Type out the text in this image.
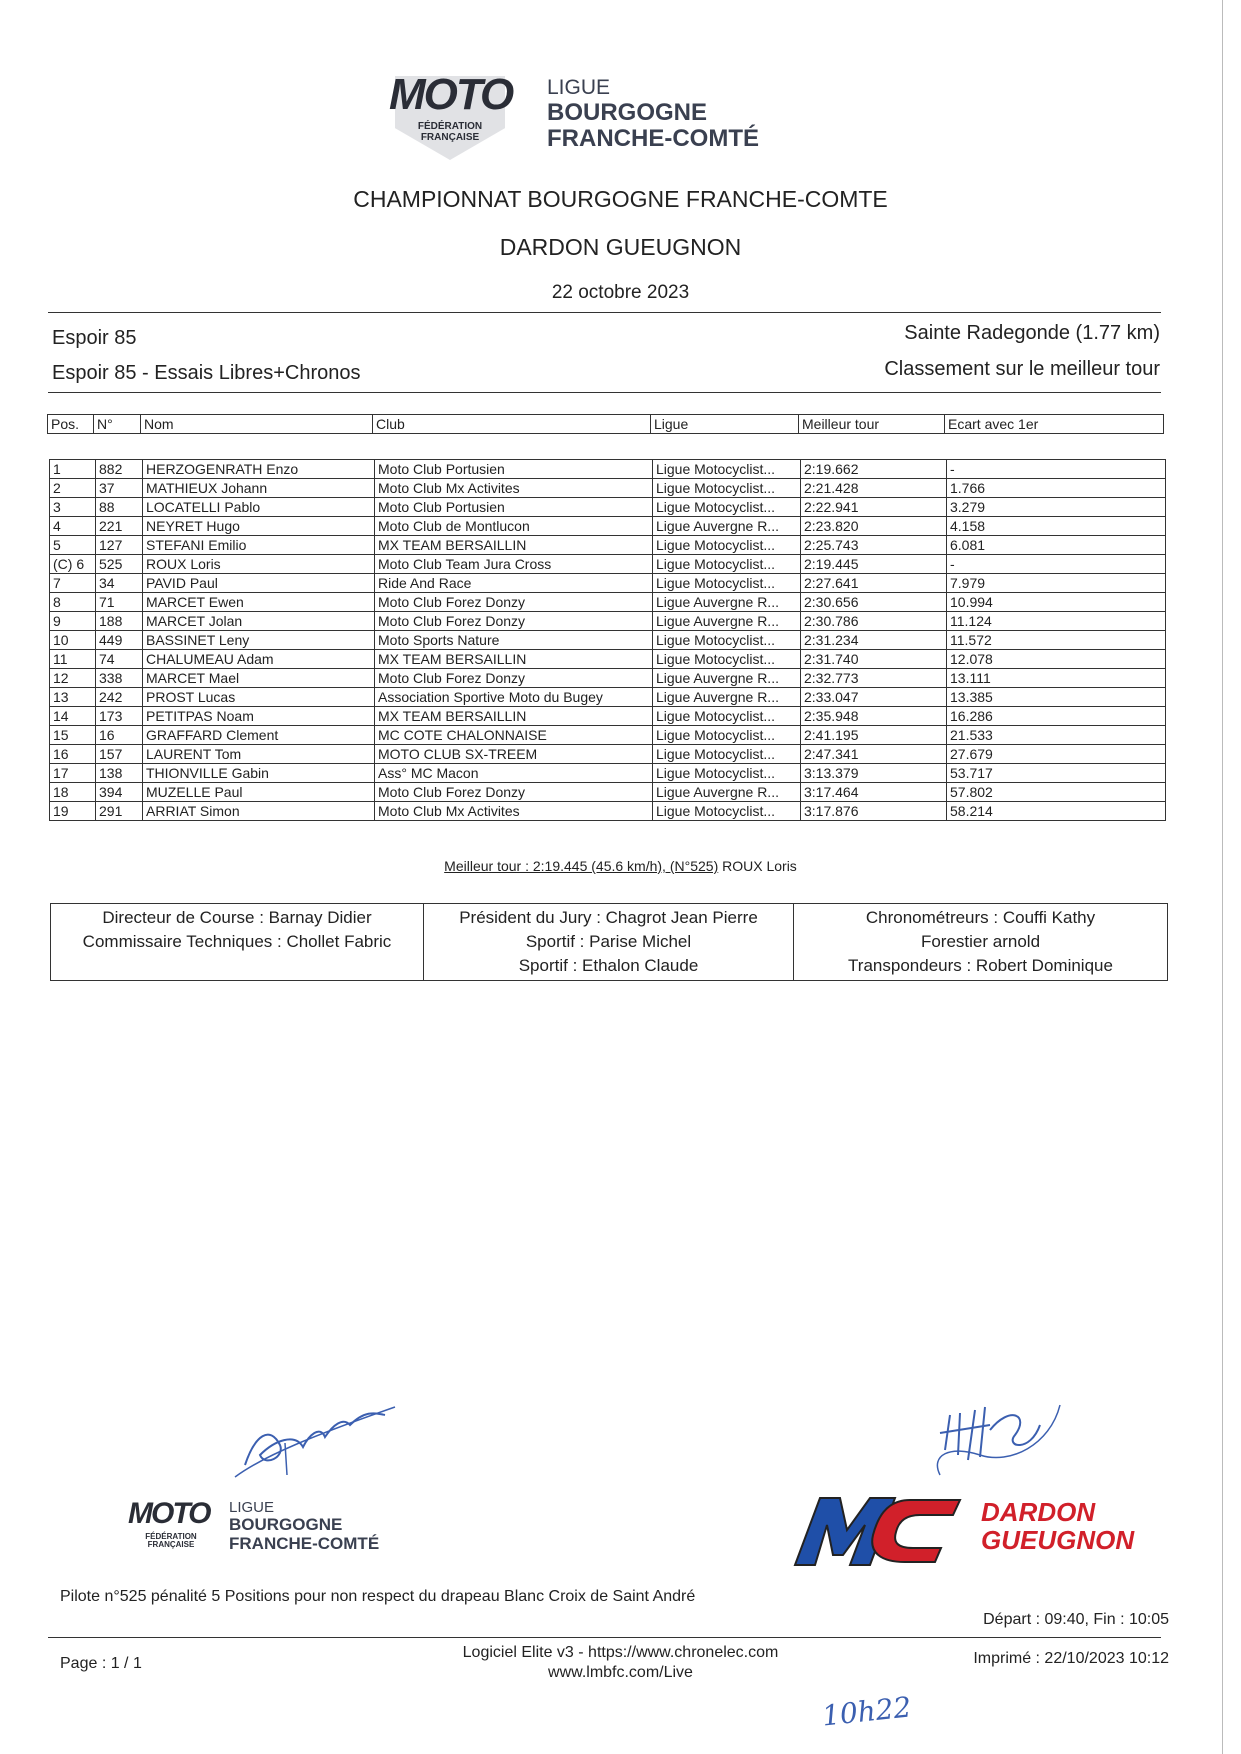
MOTO
FÉDÉRATION
FRANÇAISE
LIGUE
BOURGOGNE
FRANCHE-COMTÉ
CHAMPIONNAT BOURGOGNE FRANCHE-COMTE
DARDON GUEUGNON
22 octobre 2023
Espoir 85
Espoir 85 - Essais Libres+Chronos
Sainte Radegonde (1.77 km)
Classement sur le meilleur tour
Pos.	N°	Nom	Club	Ligue	Meilleur tour	Ecart avec 1er
1	882	HERZOGENRATH Enzo	Moto Club Portusien	Ligue Motocyclist...	2:19.662	-
2	37	MATHIEUX Johann	Moto Club Mx Activites	Ligue Motocyclist...	2:21.428	1.766
3	88	LOCATELLI Pablo	Moto Club Portusien	Ligue Motocyclist...	2:22.941	3.279
4	221	NEYRET Hugo	Moto Club de Montlucon	Ligue Auvergne R...	2:23.820	4.158
5	127	STEFANI Emilio	MX TEAM BERSAILLIN	Ligue Motocyclist...	2:25.743	6.081
(C) 6	525	ROUX Loris	Moto Club Team Jura Cross	Ligue Motocyclist...	2:19.445	-
7	34	PAVID Paul	Ride And Race	Ligue Motocyclist...	2:27.641	7.979
8	71	MARCET Ewen	Moto Club Forez Donzy	Ligue Auvergne R...	2:30.656	10.994
9	188	MARCET Jolan	Moto Club Forez Donzy	Ligue Auvergne R...	2:30.786	11.124
10	449	BASSINET Leny	Moto Sports Nature	Ligue Motocyclist...	2:31.234	11.572
11	74	CHALUMEAU Adam	MX TEAM BERSAILLIN	Ligue Motocyclist...	2:31.740	12.078
12	338	MARCET Mael	Moto Club Forez Donzy	Ligue Auvergne R...	2:32.773	13.111
13	242	PROST Lucas	Association Sportive Moto du Bugey	Ligue Auvergne R...	2:33.047	13.385
14	173	PETITPAS Noam	MX TEAM BERSAILLIN	Ligue Motocyclist...	2:35.948	16.286
15	16	GRAFFARD Clement	MC COTE CHALONNAISE	Ligue Motocyclist...	2:41.195	21.533
16	157	LAURENT Tom	MOTO CLUB SX-TREEM	Ligue Motocyclist...	2:47.341	27.679
17	138	THIONVILLE Gabin	Ass° MC Macon	Ligue Motocyclist...	3:13.379	53.717
18	394	MUZELLE Paul	Moto Club Forez Donzy	Ligue Auvergne R...	3:17.464	57.802
19	291	ARRIAT Simon	Moto Club Mx Activites	Ligue Motocyclist...	3:17.876	58.214
Meilleur tour : 2:19.445 (45.6 km/h), (N°525) ROUX Loris
Directeur de Course : Barnay Didier
Commissaire Techniques : Chollet Fabric

Président du Jury : Chagrot Jean Pierre
Sportif : Parise Michel
Sportif : Ethalon Claude

Chronométreurs : Couffi Kathy
Forestier arnold
Transpondeurs : Robert Dominique
MOTO
FÉDÉRATION
FRANÇAISE
LIGUE
BOURGOGNE
FRANCHE-COMTÉ
DARDON
GUEUGNON
Pilote n°525 pénalité 5 Positions pour non respect du drapeau Blanc Croix de Saint André
Départ : 09:40, Fin : 10:05
Page : 1 / 1
Logiciel Elite v3 - https://www.chronelec.com
www.lmbfc.com/Live
Imprimé : 22/10/2023 10:12
10h22
